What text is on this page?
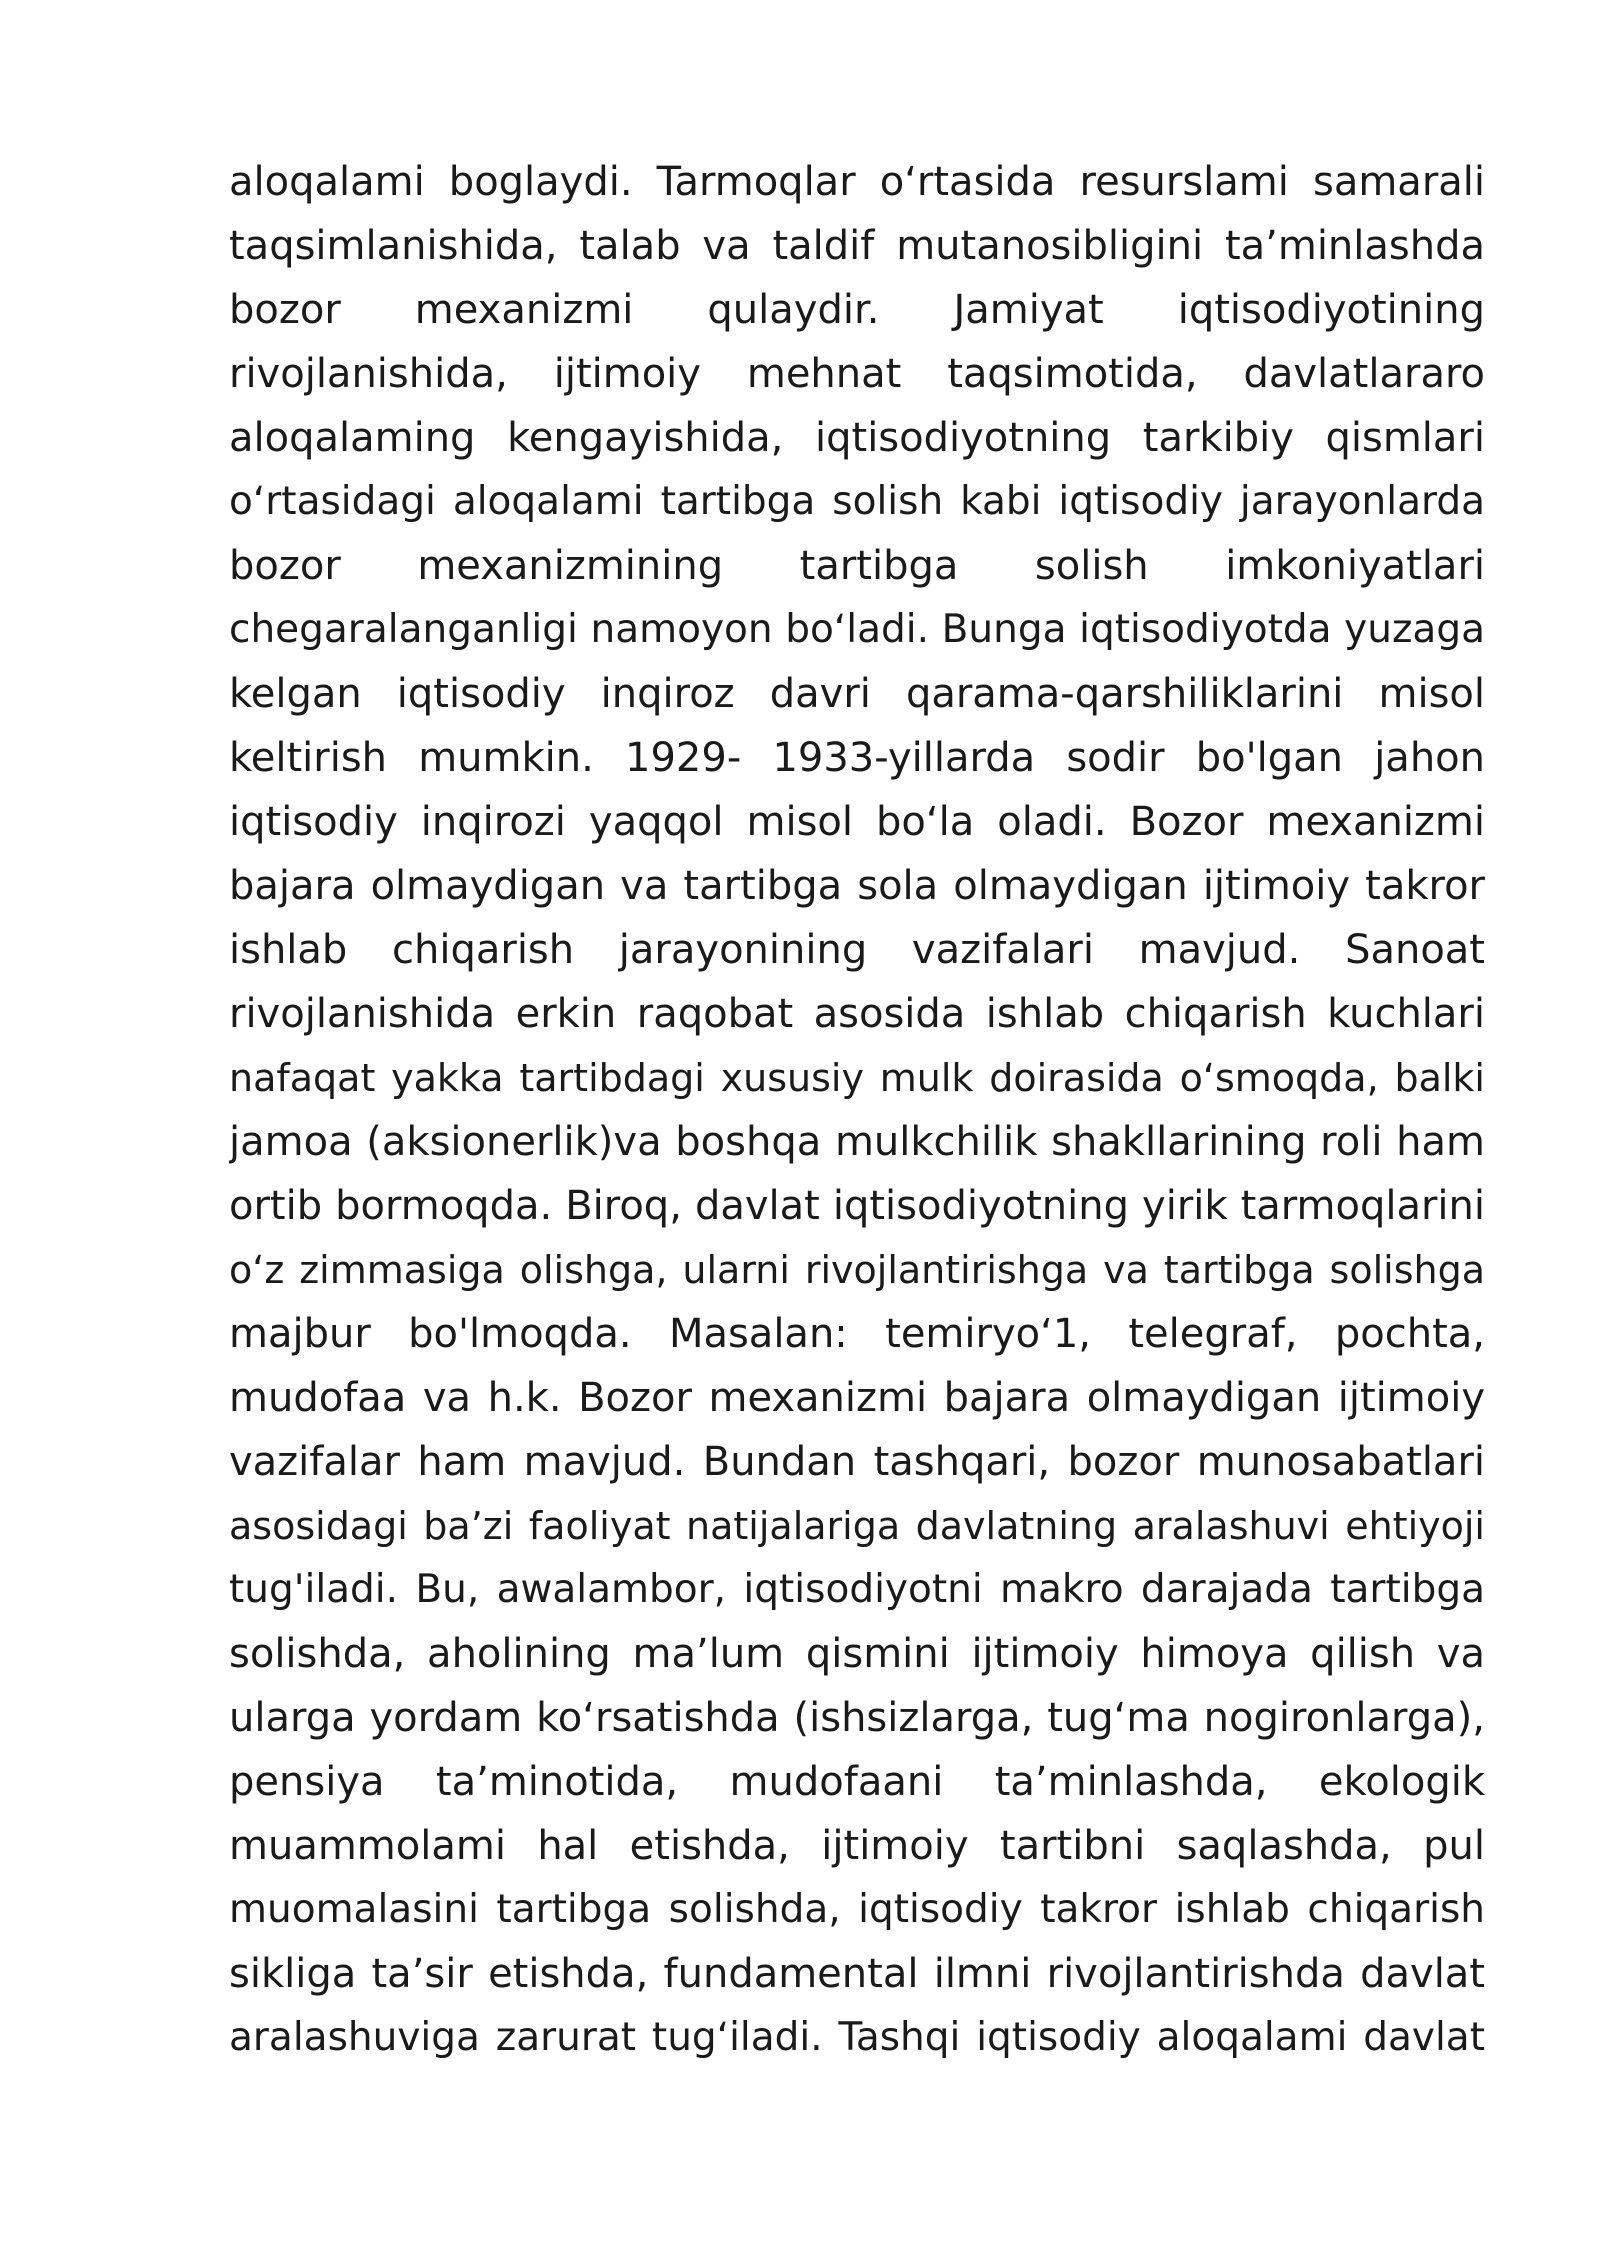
aloqalami boglaydi. Tarmoqlar o‘rtasida resurslami samarali
taqsimlanishida, talab va taldif mutanosibligini ta’minlashda
bozor mexanizmi qulaydir. Jamiyat iqtisodiyotining
rivojlanishida, ijtimoiy mehnat taqsimotida, davlatlararo
aloqalaming kengayishida, iqtisodiyotning tarkibiy qismlari
o‘rtasidagi aloqalami tartibga solish kabi iqtisodiy jarayonlarda
bozor mexanizmining tartibga solish imkoniyatlari
chegaralanganligi namoyon bo‘ladi. Bunga iqtisodiyotda yuzaga
kelgan iqtisodiy inqiroz davri qarama-qarshiliklarini misol
keltirish mumkin. 1929- 1933-yillarda sodir bo'lgan jahon
iqtisodiy inqirozi yaqqol misol bo‘la oladi. Bozor mexanizmi
bajara olmaydigan va tartibga sola olmaydigan ijtimoiy takror
ishlab chiqarish jarayonining vazifalari mavjud. Sanoat
rivojlanishida erkin raqobat asosida ishlab chiqarish kuchlari
nafaqat yakka tartibdagi xususiy mulk doirasida o‘smoqda, balki
jamoa (aksionerlik)va boshqa mulkchilik shakllarining roli ham
ortib bormoqda. Biroq, davlat iqtisodiyotning yirik tarmoqlarini
o‘z zimmasiga olishga, ularni rivojlantirishga va tartibga solishga
majbur bo'lmoqda. Masalan: temiryo‘1, telegraf, pochta,
mudofaa va h.k. Bozor mexanizmi bajara olmaydigan ijtimoiy
vazifalar ham mavjud. Bundan tashqari, bozor munosabatlari
asosidagi ba’zi faoliyat natijalariga davlatning aralashuvi ehtiyoji
tug'iladi. Bu, awalambor, iqtisodiyotni makro darajada tartibga
solishda, aholining ma’lum qismini ijtimoiy himoya qilish va
ularga yordam ko‘rsatishda (ishsizlarga, tug‘ma nogironlarga),
pensiya ta’minotida, mudofaani ta’minlashda, ekologik
muammolami hal etishda, ijtimoiy tartibni saqlashda, pul
muomalasini tartibga solishda, iqtisodiy takror ishlab chiqarish
sikliga ta’sir etishda, fundamental ilmni rivojlantirishda davlat
aralashuviga zarurat tug‘iladi. Tashqi iqtisodiy aloqalami davlat
